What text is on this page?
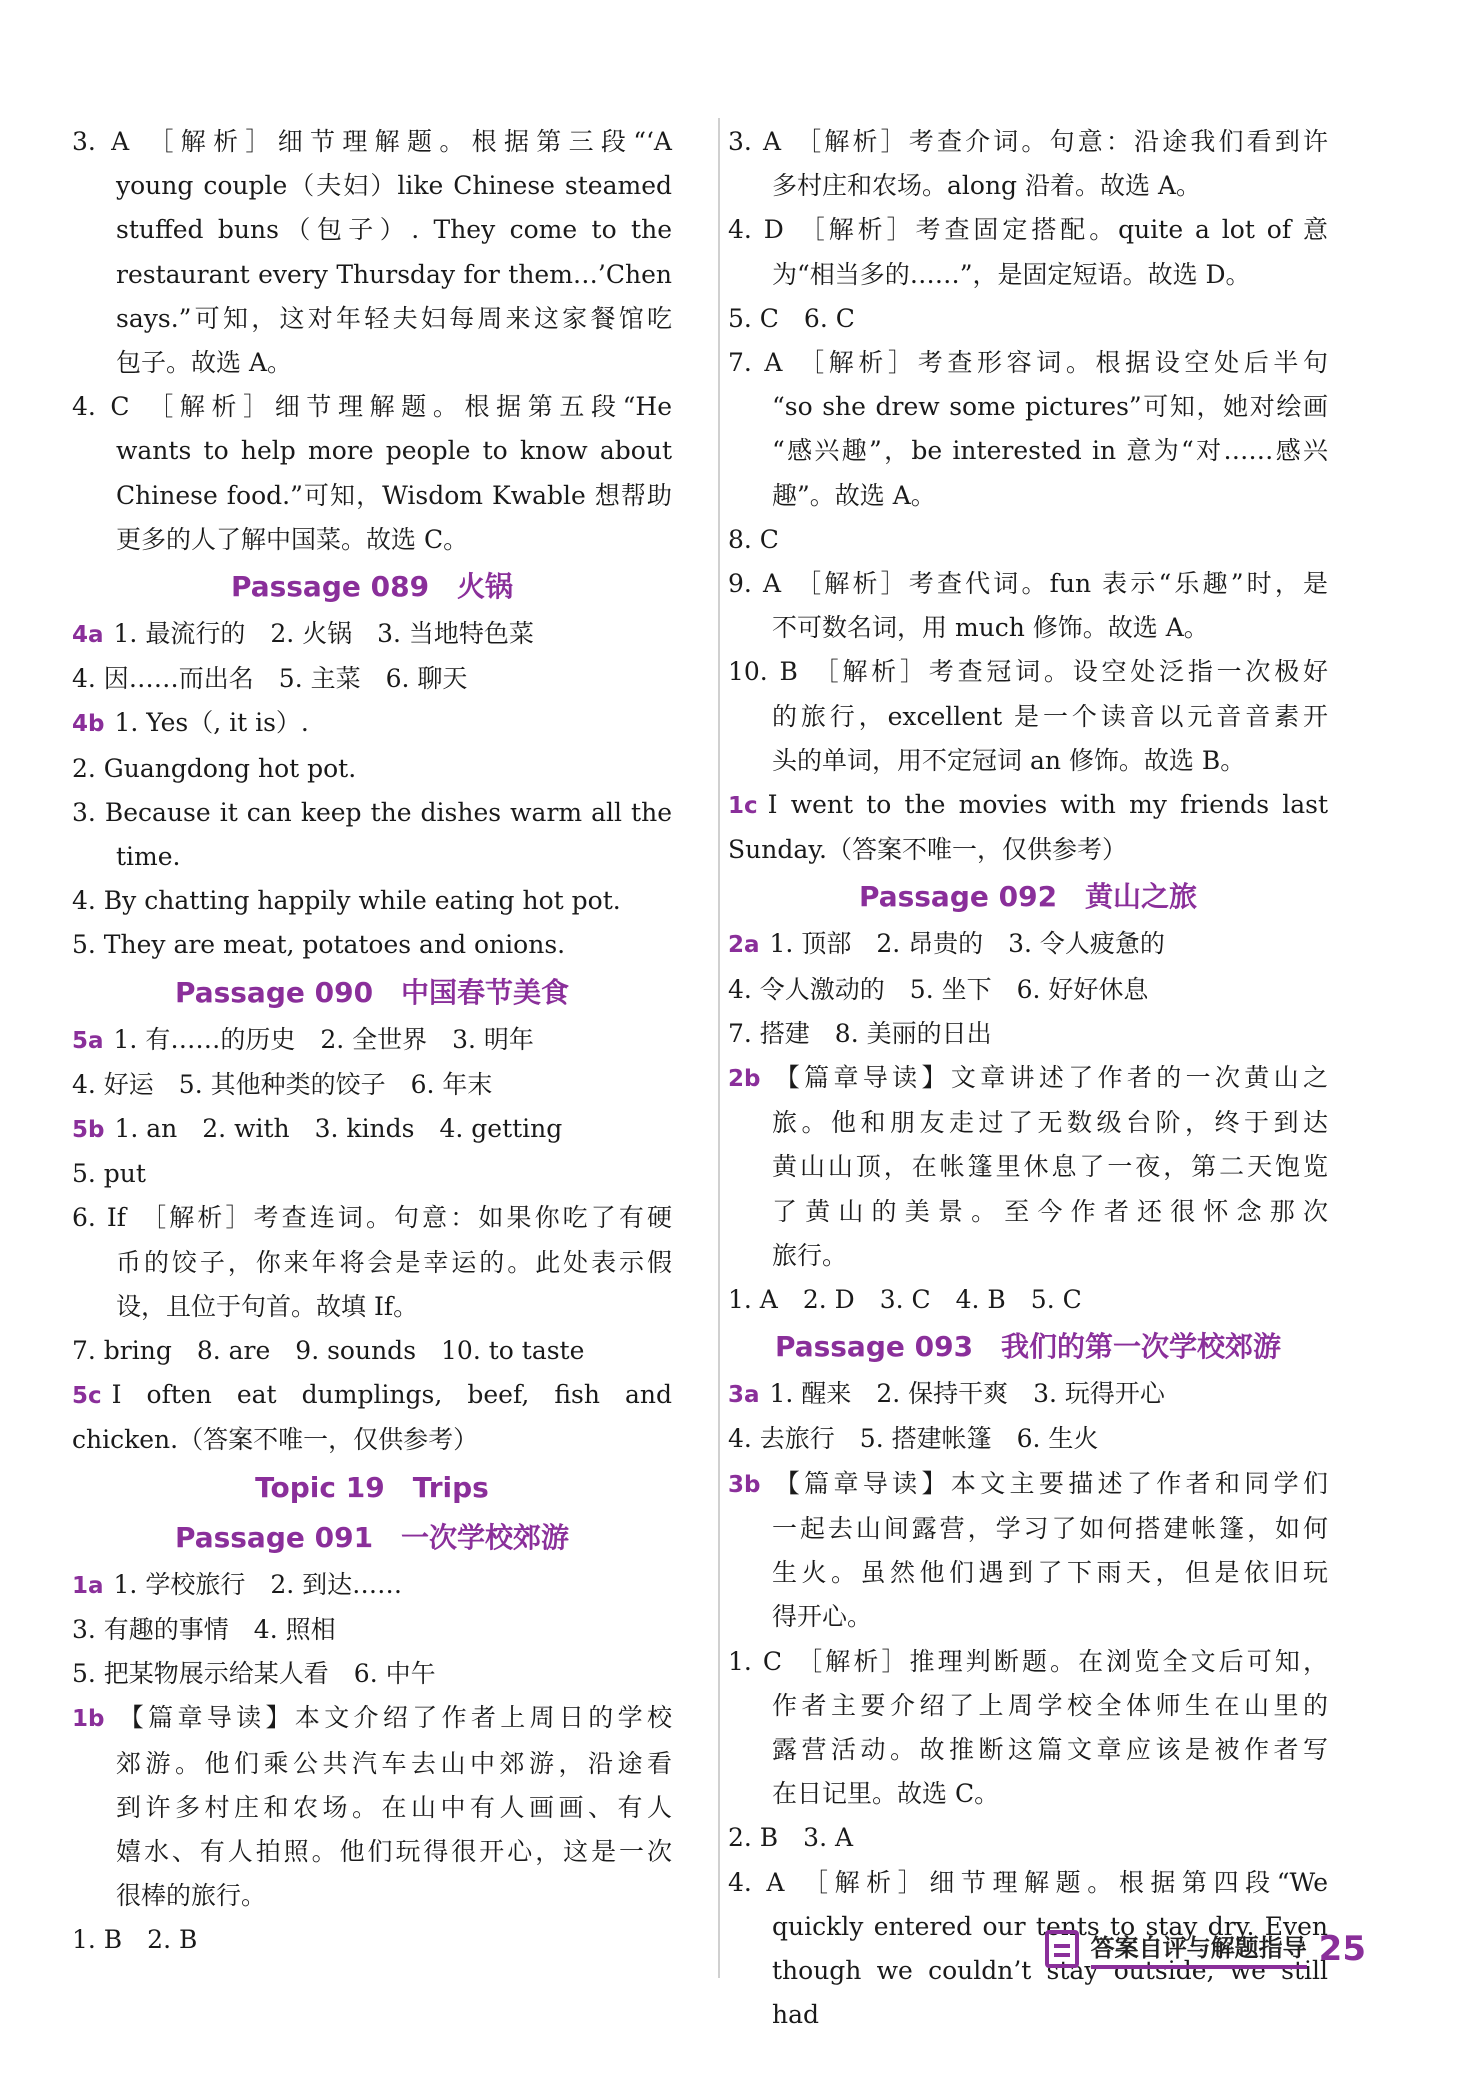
3. A ［解析］细节理解题。根据第三段“‘A
young couple（夫妇）like Chinese steamed
stuffed buns（包子）. They come to the
restaurant every Thursday for them…’Chen
says.”可知，这对年轻夫妇每周来这家餐馆吃
包子。故选 A。
4. C ［解析］细节理解题。根据第五段“He
wants to help more people to know about
Chinese food.”可知，Wisdom Kwable 想帮助
更多的人了解中国菜。故选 C。
Passage 089　火锅
4a 1. 最流行的　2. 火锅　3. 当地特色菜
4. 因……而出名　5. 主菜　6. 聊天
4b 1. Yes（, it is）.
2. Guangdong hot pot.
3. Because it can keep the dishes warm all the
time.
4. By chatting happily while eating hot pot.
5. They are meat, potatoes and onions.
Passage 090　中国春节美食
5a 1. 有……的历史　2. 全世界　3. 明年
4. 好运　5. 其他种类的饺子　6. 年末
5b 1. an　2. with　3. kinds　4. getting
5. put
6. If ［解析］考查连词。句意：如果你吃了有硬
币的饺子，你来年将会是幸运的。此处表示假
设，且位于句首。故填 If。
7. bring　8. are　9. sounds　10. to taste
5c I often eat dumplings, beef, fish and
chicken.（答案不唯一，仅供参考）
Topic 19　Trips
Passage 091　一次学校郊游
1a 1. 学校旅行　2. 到达……
3. 有趣的事情　4. 照相
5. 把某物展示给某人看　6. 中午
1b 【篇章导读】本文介绍了作者上周日的学校
郊游。他们乘公共汽车去山中郊游，沿途看
到许多村庄和农场。在山中有人画画、有人
嬉水、有人拍照。他们玩得很开心，这是一次
很棒的旅行。
1. B　2. B
3. A ［解析］考查介词。句意：沿途我们看到许
多村庄和农场。along 沿着。故选 A。
4. D ［解析］考查固定搭配。quite a lot of 意
为“相当多的……”，是固定短语。故选 D。
5. C　6. C
7. A ［解析］考查形容词。根据设空处后半句
“so she drew some pictures”可知，她对绘画
“感兴趣”，be interested in 意为“对……感兴
趣”。故选 A。
8. C
9. A ［解析］考查代词。fun 表示“乐趣”时，是
不可数名词，用 much 修饰。故选 A。
10. B ［解析］考查冠词。设空处泛指一次极好
的旅行，excellent 是一个读音以元音音素开
头的单词，用不定冠词 an 修饰。故选 B。
1c I went to the movies with my friends last
Sunday.（答案不唯一，仅供参考）
Passage 092　黄山之旅
2a 1. 顶部　2. 昂贵的　3. 令人疲惫的
4. 令人激动的　5. 坐下　6. 好好休息
7. 搭建　8. 美丽的日出
2b 【篇章导读】文章讲述了作者的一次黄山之
旅。他和朋友走过了无数级台阶，终于到达
黄山山顶，在帐篷里休息了一夜，第二天饱览
了黄山的美景。至今作者还很怀念那次
旅行。
1. A　2. D　3. C　4. B　5. C
Passage 093　我们的第一次学校郊游
3a 1. 醒来　2. 保持干爽　3. 玩得开心
4. 去旅行　5. 搭建帐篷　6. 生火
3b 【篇章导读】本文主要描述了作者和同学们
一起去山间露营，学习了如何搭建帐篷，如何
生火。虽然他们遇到了下雨天，但是依旧玩
得开心。
1. C ［解析］推理判断题。在浏览全文后可知，
作者主要介绍了上周学校全体师生在山里的
露营活动。故推断这篇文章应该是被作者写
在日记里。故选 C。
2. B　3. A
4. A ［解析］细节理解题。根据第四段“We
quickly entered our tents to stay dry. Even
though we couldn’t stay outside, we still had
答案自评与解题指导 25
